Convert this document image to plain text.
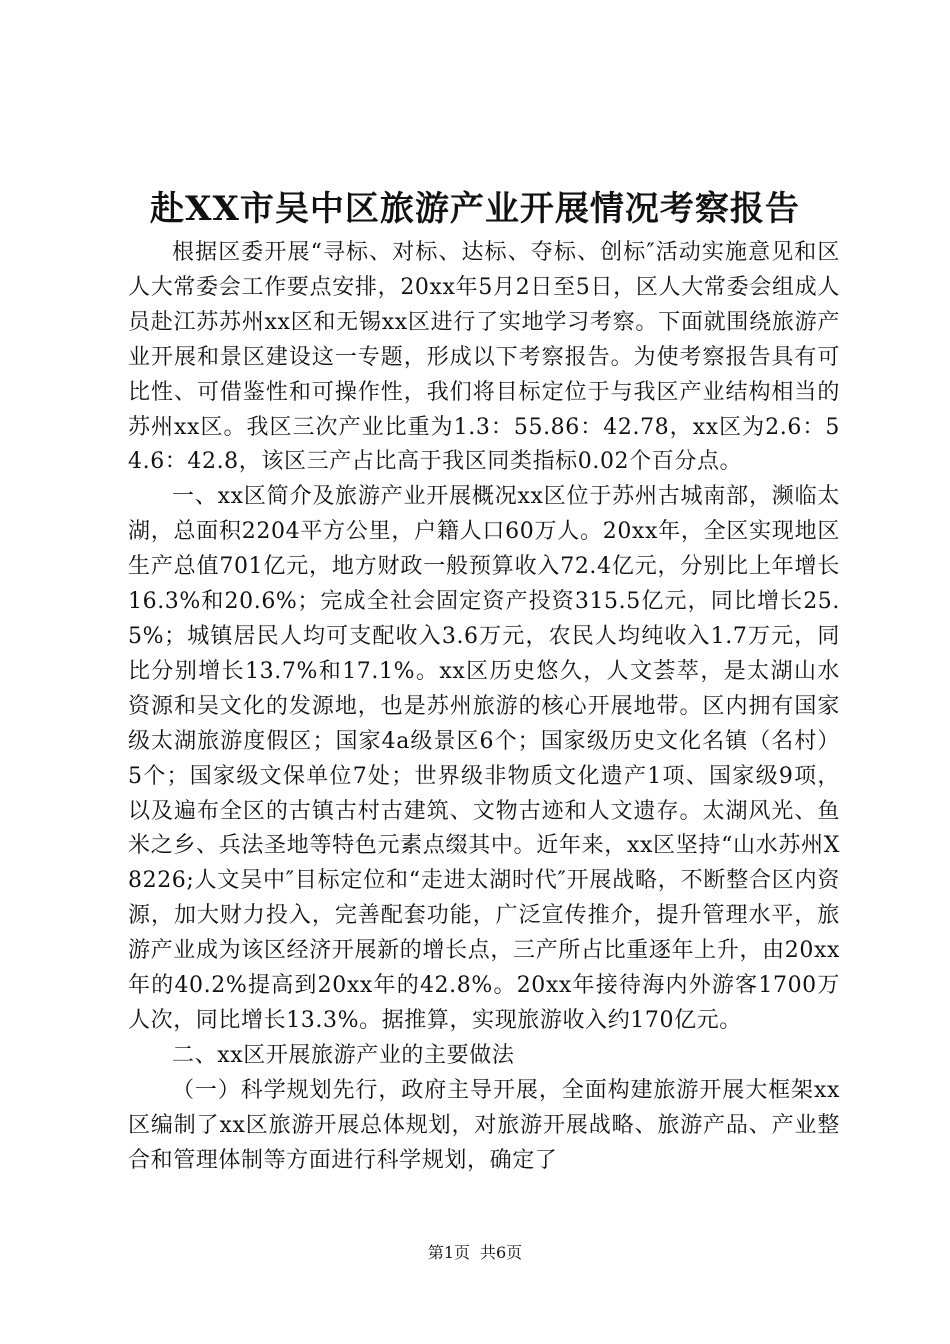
赴XX市吴中区旅游产业开展情况考察报告

根据区委开展“寻标、对标、达标、夺标、创标″活动实施意见和区人大常委会工作要点安排，20xx年5月2日至5日，区人大常委会组成人员赴江苏苏州xx区和无锡xx区进行了实地学习考察。下面就围绕旅游产业开展和景区建设这一专题，形成以下考察报告。为使考察报告具有可比性、可借鉴性和可操作性，我们将目标定位于与我区产业结构相当的苏州xx区。我区三次产业比重为1.3：55.86：42.78，xx区为2.6：54.6：42.8，该区三产占比高于我区同类指标0.02个百分点。

一、xx区简介及旅游产业开展概况xx区位于苏州古城南部，濒临太湖，总面积2204平方公里，户籍人口60万人。20xx年，全区实现地区生产总值701亿元，地方财政一般预算收入72.4亿元，分别比上年增长16.3%和20.6%；完成全社会固定资产投资315.5亿元，同比增长25.5%；城镇居民人均可支配收入3.6万元，农民人均纯收入1.7万元，同比分别增长13.7%和17.1%。xx区历史悠久，人文荟萃，是太湖山水资源和吴文化的发源地，也是苏州旅游的核心开展地带。区内拥有国家级太湖旅游度假区；国家4a级景区6个；国家级历史文化名镇（名村）5个；国家级文保单位7处；世界级非物质文化遗产1项、国家级9项，以及遍布全区的古镇古村古建筑、文物古迹和人文遗存。太湖风光、鱼米之乡、兵法圣地等特色元素点缀其中。近年来，xx区坚持“山水苏州X8226;人文吴中″目标定位和“走进太湖时代″开展战略，不断整合区内资源，加大财力投入，完善配套功能，广泛宣传推介，提升管理水平，旅游产业成为该区经济开展新的增长点，三产所占比重逐年上升，由20xx年的40.2%提高到20xx年的42.8%。20xx年接待海内外游客1700万人次，同比增长13.3%。据推算，实现旅游收入约170亿元。

二、xx区开展旅游产业的主要做法

（一）科学规划先行，政府主导开展，全面构建旅游开展大框架xx区编制了xx区旅游开展总体规划，对旅游开展战略、旅游产品、产业整合和管理体制等方面进行科学规划，确定了

第1页 共6页
